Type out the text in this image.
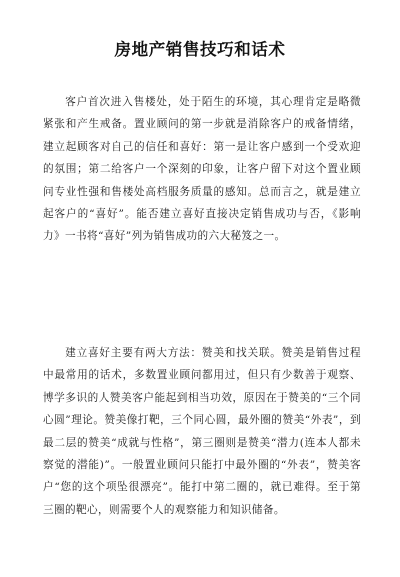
房地产销售技巧和话术

客户首次进入售楼处，处于陌生的环境，其心理肯定是略微紧张和产生戒备。置业顾问的第一步就是消除客户的戒备情绪，建立起顾客对自己的信任和喜好：第一是让客户感到一个受欢迎的氛围；第二给客户一个深刻的印象，让客户留下对这个置业顾问专业性强和售楼处高档服务质量的感知。总而言之，就是建立起客户的“喜好”。能否建立喜好直接决定销售成功与否，《影响力》一书将“喜好”列为销售成功的六大秘笈之一。

建立喜好主要有两大方法：赞美和找关联。赞美是销售过程中最常用的话术，多数置业顾问都用过，但只有少数善于观察、博学多识的人赞美客户能起到相当功效，原因在于赞美的“三个同心圆”理论。赞美像打靶，三个同心圆，最外圈的赞美“外表”，到最二层的赞美“成就与性格”，第三圈则是赞美“潜力(连本人都未察觉的潜能)”。一般置业顾问只能打中最外圈的“外表”，赞美客户“您的这个项坠很漂亮”。能打中第二圈的，就已难得。至于第三圈的靶心，则需要个人的观察能力和知识储备。
